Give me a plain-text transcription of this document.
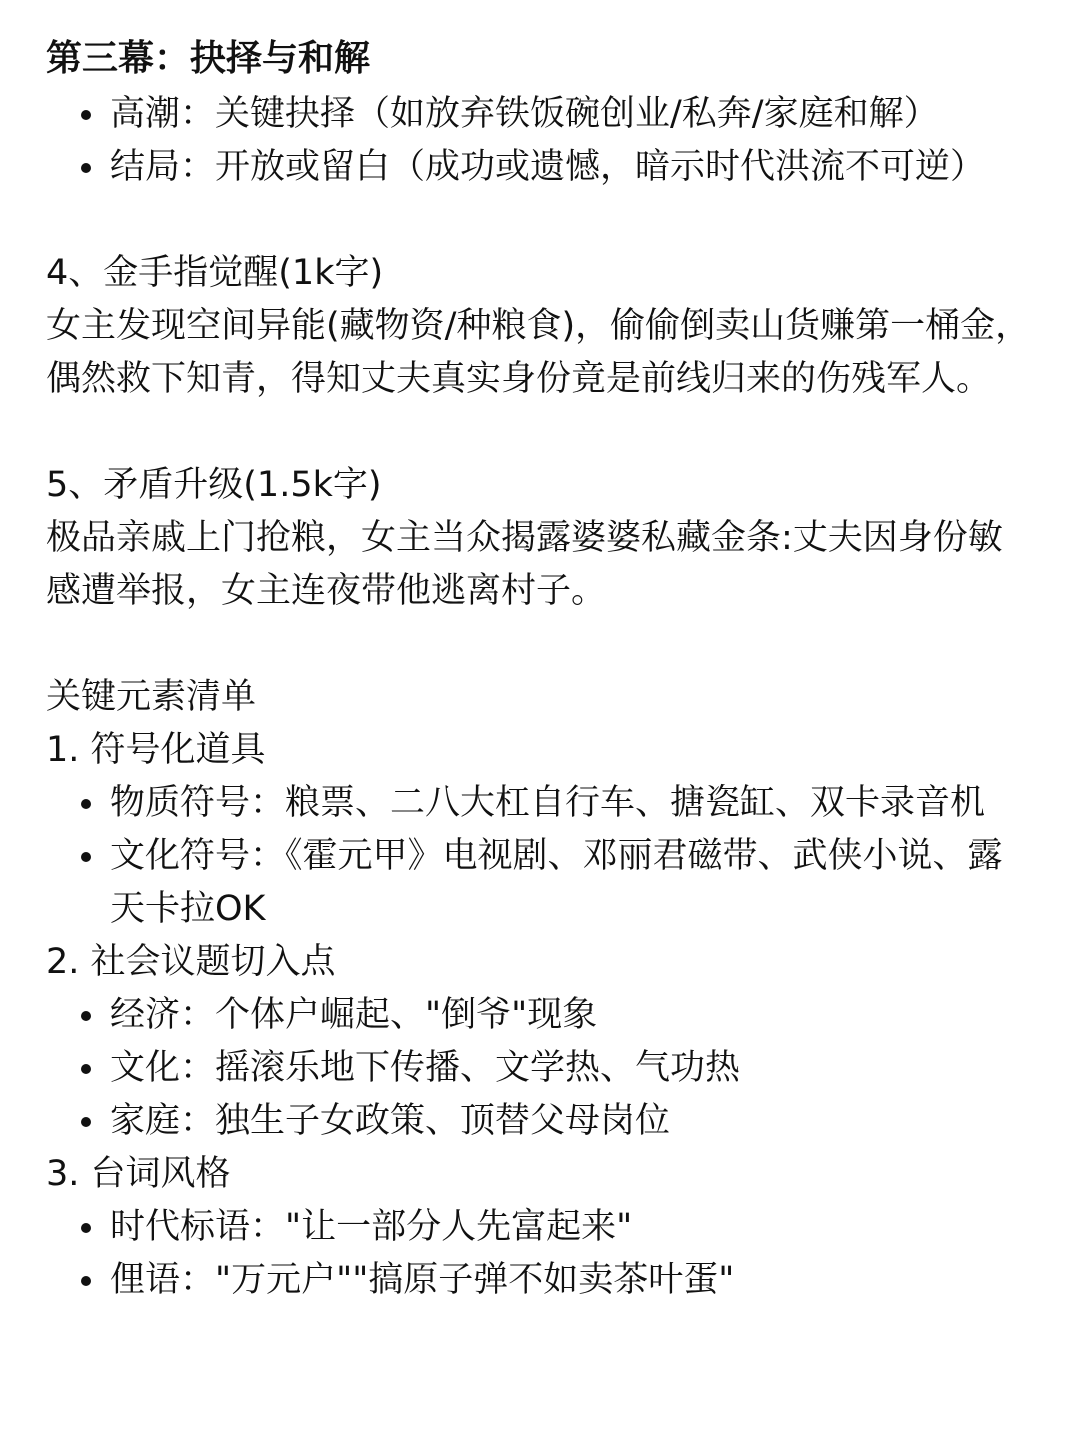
第三幕：抉择与和解
高潮：关键抉择（如放弃铁饭碗创业/私奔/家庭和解）
结局：开放或留白（成功或遗憾，暗示时代洪流不可逆）
4、金手指觉醒(1k字)

女主发现空间异能(藏物资/种粮食)，偷偷倒卖山货赚第一桶金，偶然救下知青，得知丈夫真实身份竟是前线归来的伤残军人。

5、矛盾升级(1.5k字)

极品亲戚上门抢粮，女主当众揭露婆婆私藏金条:丈夫因身份敏感遭举报，女主连夜带他逃离村子。

关键元素清单
1. 符号化道具
物质符号：粮票、二八大杠自行车、搪瓷缸、双卡录音机
文化符号：《霍元甲》电视剧、邓丽君磁带、武侠小说、露天卡拉OK
2. 社会议题切入点
经济：个体户崛起、"倒爷"现象
文化：摇滚乐地下传播、文学热、气功热
家庭：独生子女政策、顶替父母岗位
3. 台词风格
时代标语："让一部分人先富起来"
俚语："万元户""搞原子弹不如卖茶叶蛋"
